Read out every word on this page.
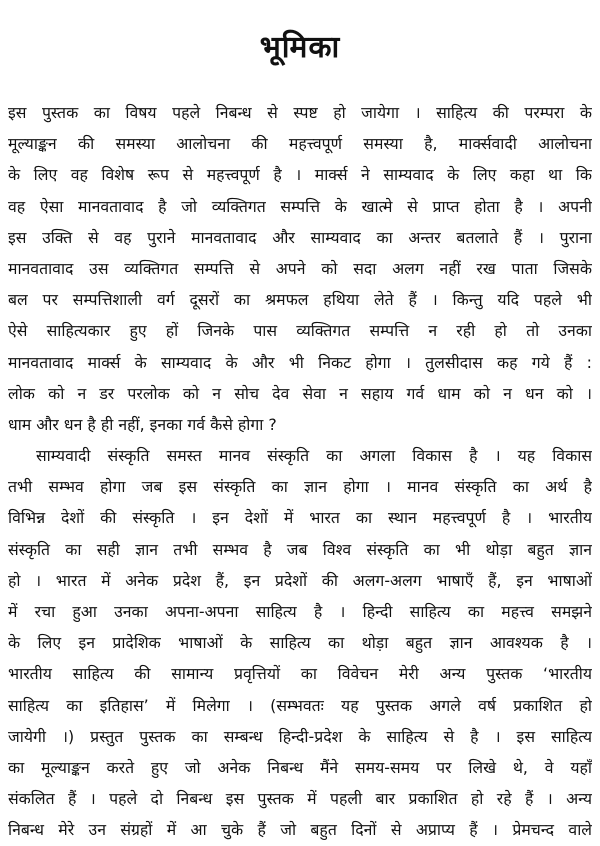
भूमिका
इस पुस्तक का विषय पहले निबन्ध से स्पष्ट हो जायेगा । साहित्य की परम्परा के
मूल्याङ्कन की समस्या आलोचना की महत्त्वपूर्ण समस्या है, मार्क्सवादी आलोचना
के लिए वह विशेष रूप से महत्त्वपूर्ण है । मार्क्स ने साम्यवाद के लिए कहा था कि
वह ऐसा मानवतावाद है जो व्यक्तिगत सम्पत्ति के खात्मे से प्राप्त होता है । अपनी
इस उक्ति से वह पुराने मानवतावाद और साम्यवाद का अन्तर बतलाते हैं । पुराना
मानवतावाद उस व्यक्तिगत सम्पत्ति से अपने को सदा अलग नहीं रख पाता जिसके
बल पर सम्पत्तिशाली वर्ग दूसरों का श्रमफल हथिया लेते हैं । किन्तु यदि पहले भी
ऐसे साहित्यकार हुए हों जिनके पास व्यक्तिगत सम्पत्ति न रही हो तो उनका
मानवतावाद मार्क्स के साम्यवाद के और भी निकट होगा । तुलसीदास कह गये हैं :
लोक को न डर परलोक को न सोच देव सेवा न सहाय गर्व धाम को न धन को ।
धाम और धन है ही नहीं, इनका गर्व कैसे होगा ?
साम्यवादी संस्कृति समस्त मानव संस्कृति का अगला विकास है । यह विकास
तभी सम्भव होगा जब इस संस्कृति का ज्ञान होगा । मानव संस्कृति का अर्थ है
विभिन्न देशों की संस्कृति । इन देशों में भारत का स्थान महत्त्वपूर्ण है । भारतीय
संस्कृति का सही ज्ञान तभी सम्भव है जब विश्व संस्कृति का भी थोड़ा बहुत ज्ञान
हो । भारत में अनेक प्रदेश हैं, इन प्रदेशों की अलग-अलग भाषाएँ हैं, इन भाषाओं
में रचा हुआ उनका अपना-अपना साहित्य है । हिन्दी साहित्य का महत्त्व समझने
के लिए इन प्रादेशिक भाषाओं के साहित्य का थोड़ा बहुत ज्ञान आवश्यक है ।
भारतीय साहित्य की सामान्य प्रवृत्तियों का विवेचन मेरी अन्य पुस्तक ‘भारतीय
साहित्य का इतिहास’ में मिलेगा । (सम्भवतः यह पुस्तक अगले वर्ष प्रकाशित हो
जायेगी ।) प्रस्तुत पुस्तक का सम्बन्ध हिन्दी-प्रदेश के साहित्य से है । इस साहित्य
का मूल्याङ्कन करते हुए जो अनेक निबन्ध मैंने समय-समय पर लिखे थे, वे यहाँ
संकलित हैं । पहले दो निबन्ध इस पुस्तक में पहली बार प्रकाशित हो रहे हैं । अन्य
निबन्ध मेरे उन संग्रहों में आ चुके हैं जो बहुत दिनों से अप्राप्य हैं । प्रेमचन्द वाले
